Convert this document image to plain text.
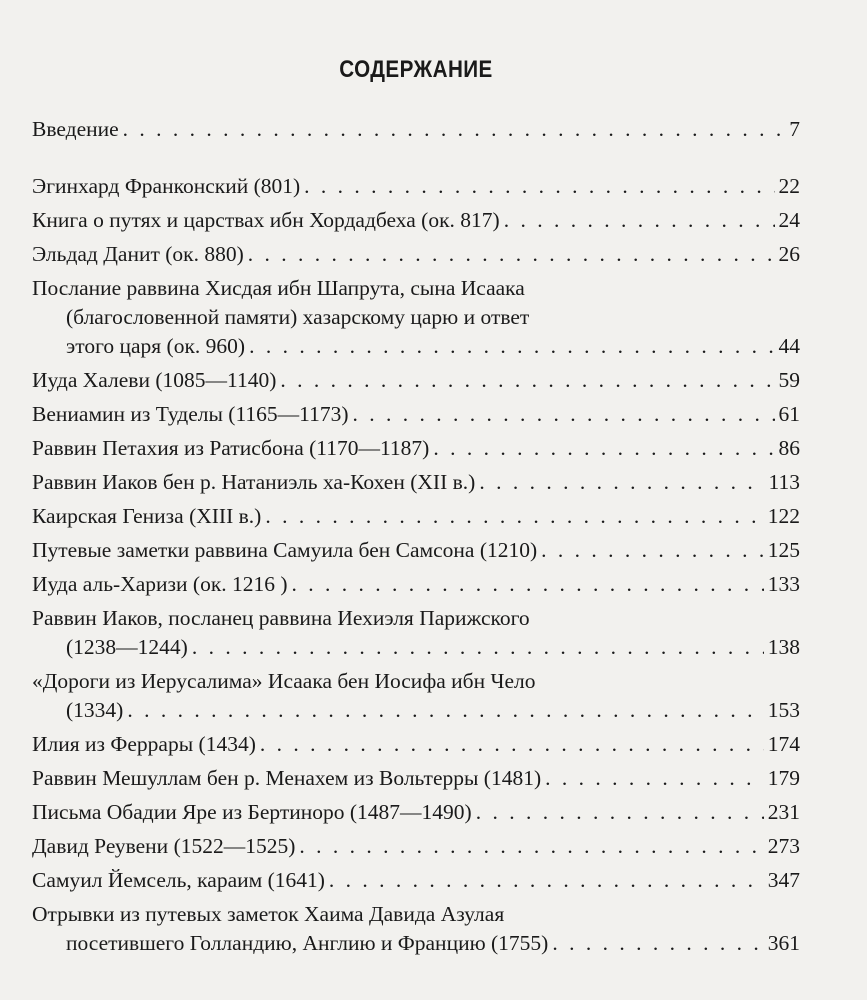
СОДЕРЖАНИЕ
Введение . . .	7
Эгинхард Франконский (801) . . .	22
Книга о путях и царствах ибн Хордадбеха (ок. 817) . . .	24
Эльдад Данит (ок. 880) . . .	26
Послание раввина Хисдая ибн Шапрута, сына Исаака
(благословенной памяти) хазарскому царю и ответ
этого царя (ок. 960) . . .	44
Иуда Халеви (1085—1140) . . .	59
Вениамин из Туделы (1165—1173) . . .	61
Раввин Петахия из Ратисбона (1170—1187) . . .	86
Раввин Иаков бен р. Натаниэль ха-Кохен (XII в.) . . .	113
Каирская Гениза (XIII в.) . . .	122
Путевые заметки раввина Самуила бен Самсона (1210) . . .	125
Иуда аль-Харизи (ок. 1216 ) . . .	133
Раввин Иаков, посланец раввина Иехиэля Парижского
(1238—1244) . . .	138
«Дороги из Иерусалима» Исаака бен Иосифа ибн Чело
(1334) . . .	153
Илия из Феррары (1434) . . .	174
Раввин Мешуллам бен р. Менахем из Вольтерры (1481) . . .	179
Письма Обадии Яре из Бертиноро (1487—1490) . . .	231
Давид Реувени (1522—1525) . . .	273
Самуил Йемсель, караим (1641) . . .	347
Отрывки из путевых заметок Хаима Давида Азулая
посетившего Голландию, Англию и Францию (1755) . . .	361
